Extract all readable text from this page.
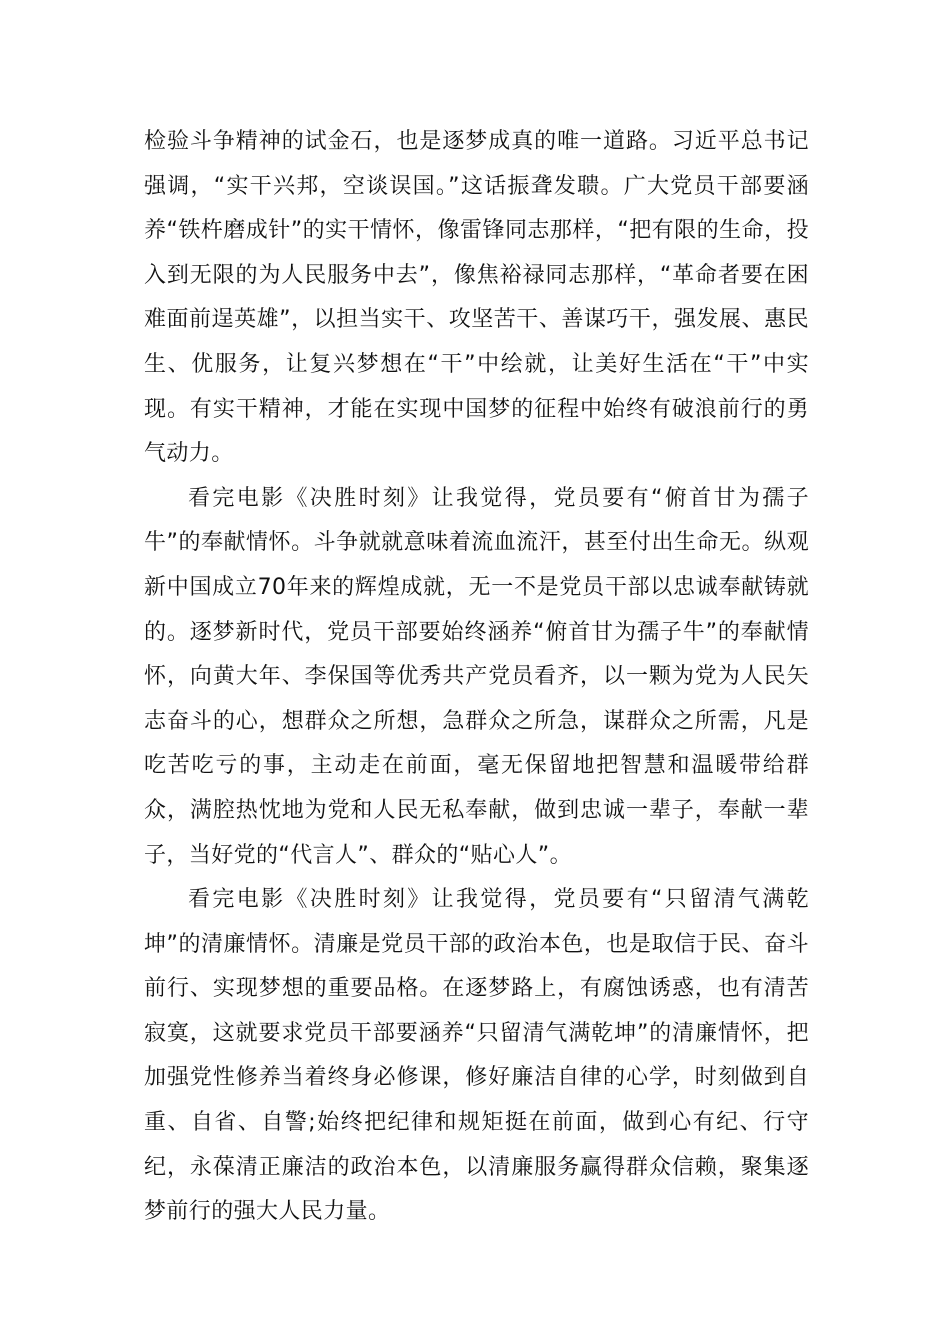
检验斗争精神的试金石，也是逐梦成真的唯一道路。习近平总书记强调，“实干兴邦，空谈误国。”这话振聋发聩。广大党员干部要涵养“铁杵磨成针”的实干情怀，像雷锋同志那样，“把有限的生命，投入到无限的为人民服务中去”，像焦裕禄同志那样，“革命者要在困难面前逞英雄”，以担当实干、攻坚苦干、善谋巧干，强发展、惠民生、优服务，让复兴梦想在“干”中绘就，让美好生活在“干”中实现。有实干精神，才能在实现中国梦的征程中始终有破浪前行的勇气动力。

看完电影《决胜时刻》让我觉得，党员要有“俯首甘为孺子牛”的奉献情怀。斗争就就意味着流血流汗，甚至付出生命无。纵观新中国成立70年来的辉煌成就，无一不是党员干部以忠诚奉献铸就的。逐梦新时代，党员干部要始终涵养“俯首甘为孺子牛”的奉献情怀，向黄大年、李保国等优秀共产党员看齐，以一颗为党为人民矢志奋斗的心，想群众之所想，急群众之所急，谋群众之所需，凡是吃苦吃亏的事，主动走在前面，毫无保留地把智慧和温暖带给群众，满腔热忱地为党和人民无私奉献，做到忠诚一辈子，奉献一辈子，当好党的“代言人”、群众的“贴心人”。

看完电影《决胜时刻》让我觉得，党员要有“只留清气满乾坤”的清廉情怀。清廉是党员干部的政治本色，也是取信于民、奋斗前行、实现梦想的重要品格。在逐梦路上，有腐蚀诱惑，也有清苦寂寞，这就要求党员干部要涵养“只留清气满乾坤”的清廉情怀，把加强党性修养当着终身必修课，修好廉洁自律的心学，时刻做到自重、自省、自警;始终把纪律和规矩挺在前面，做到心有纪、行守纪，永葆清正廉洁的政治本色，以清廉服务赢得群众信赖，聚集逐梦前行的强大人民力量。
